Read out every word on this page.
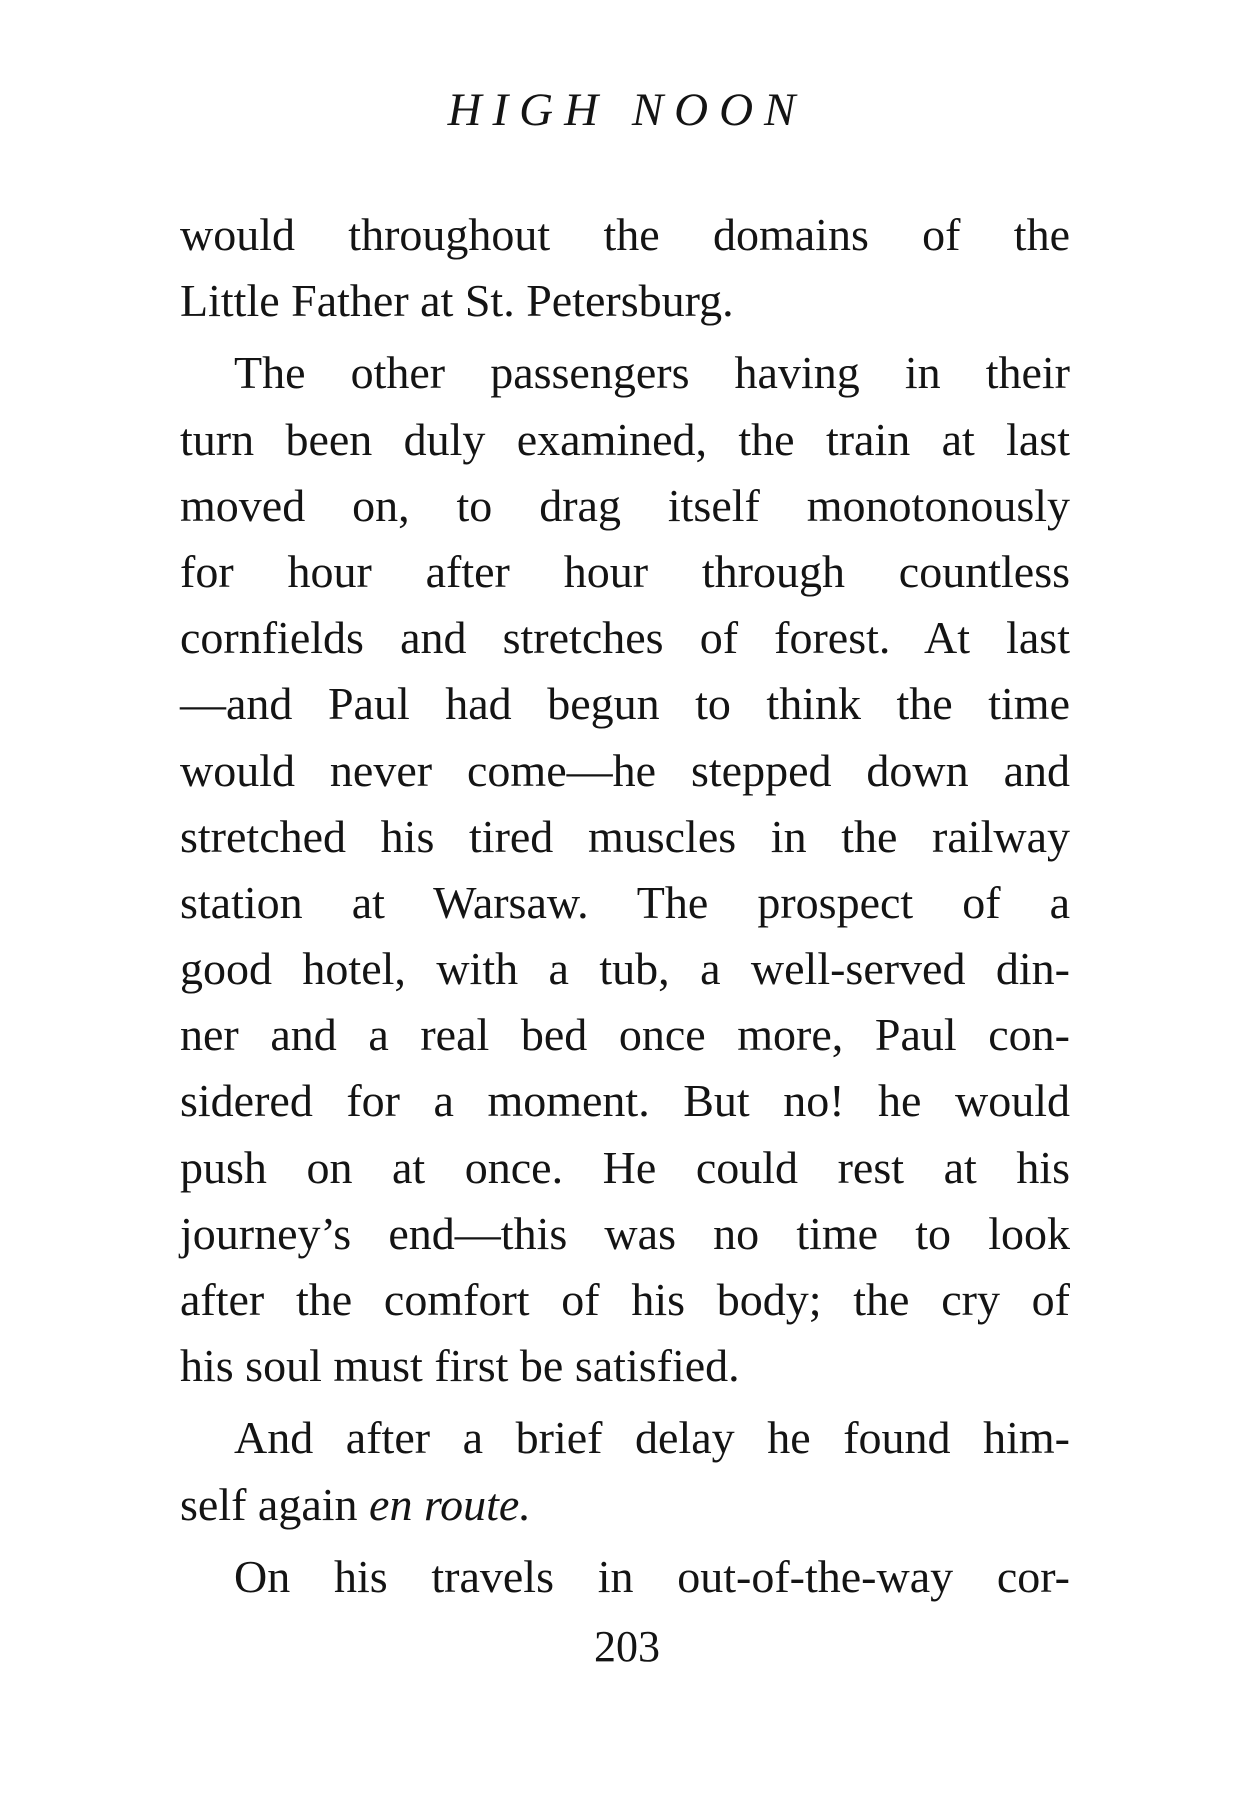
HIGH NOON
would throughout the domains of the
Little Father at St. Petersburg.
The other passengers having in their
turn been duly examined, the train at last
moved on, to drag itself monotonously
for hour after hour through countless
cornfields and stretches of forest. At last
—and Paul had begun to think the time
would never come—he stepped down and
stretched his tired muscles in the railway
station at Warsaw. The prospect of a
good hotel, with a tub, a well-served din-
ner and a real bed once more, Paul con-
sidered for a moment. But no! he would
push on at once. He could rest at his
journey’s end—this was no time to look
after the comfort of his body; the cry of
his soul must first be satisfied.
And after a brief delay he found him-
self again en route.
On his travels in out-of-the-way cor-
203
